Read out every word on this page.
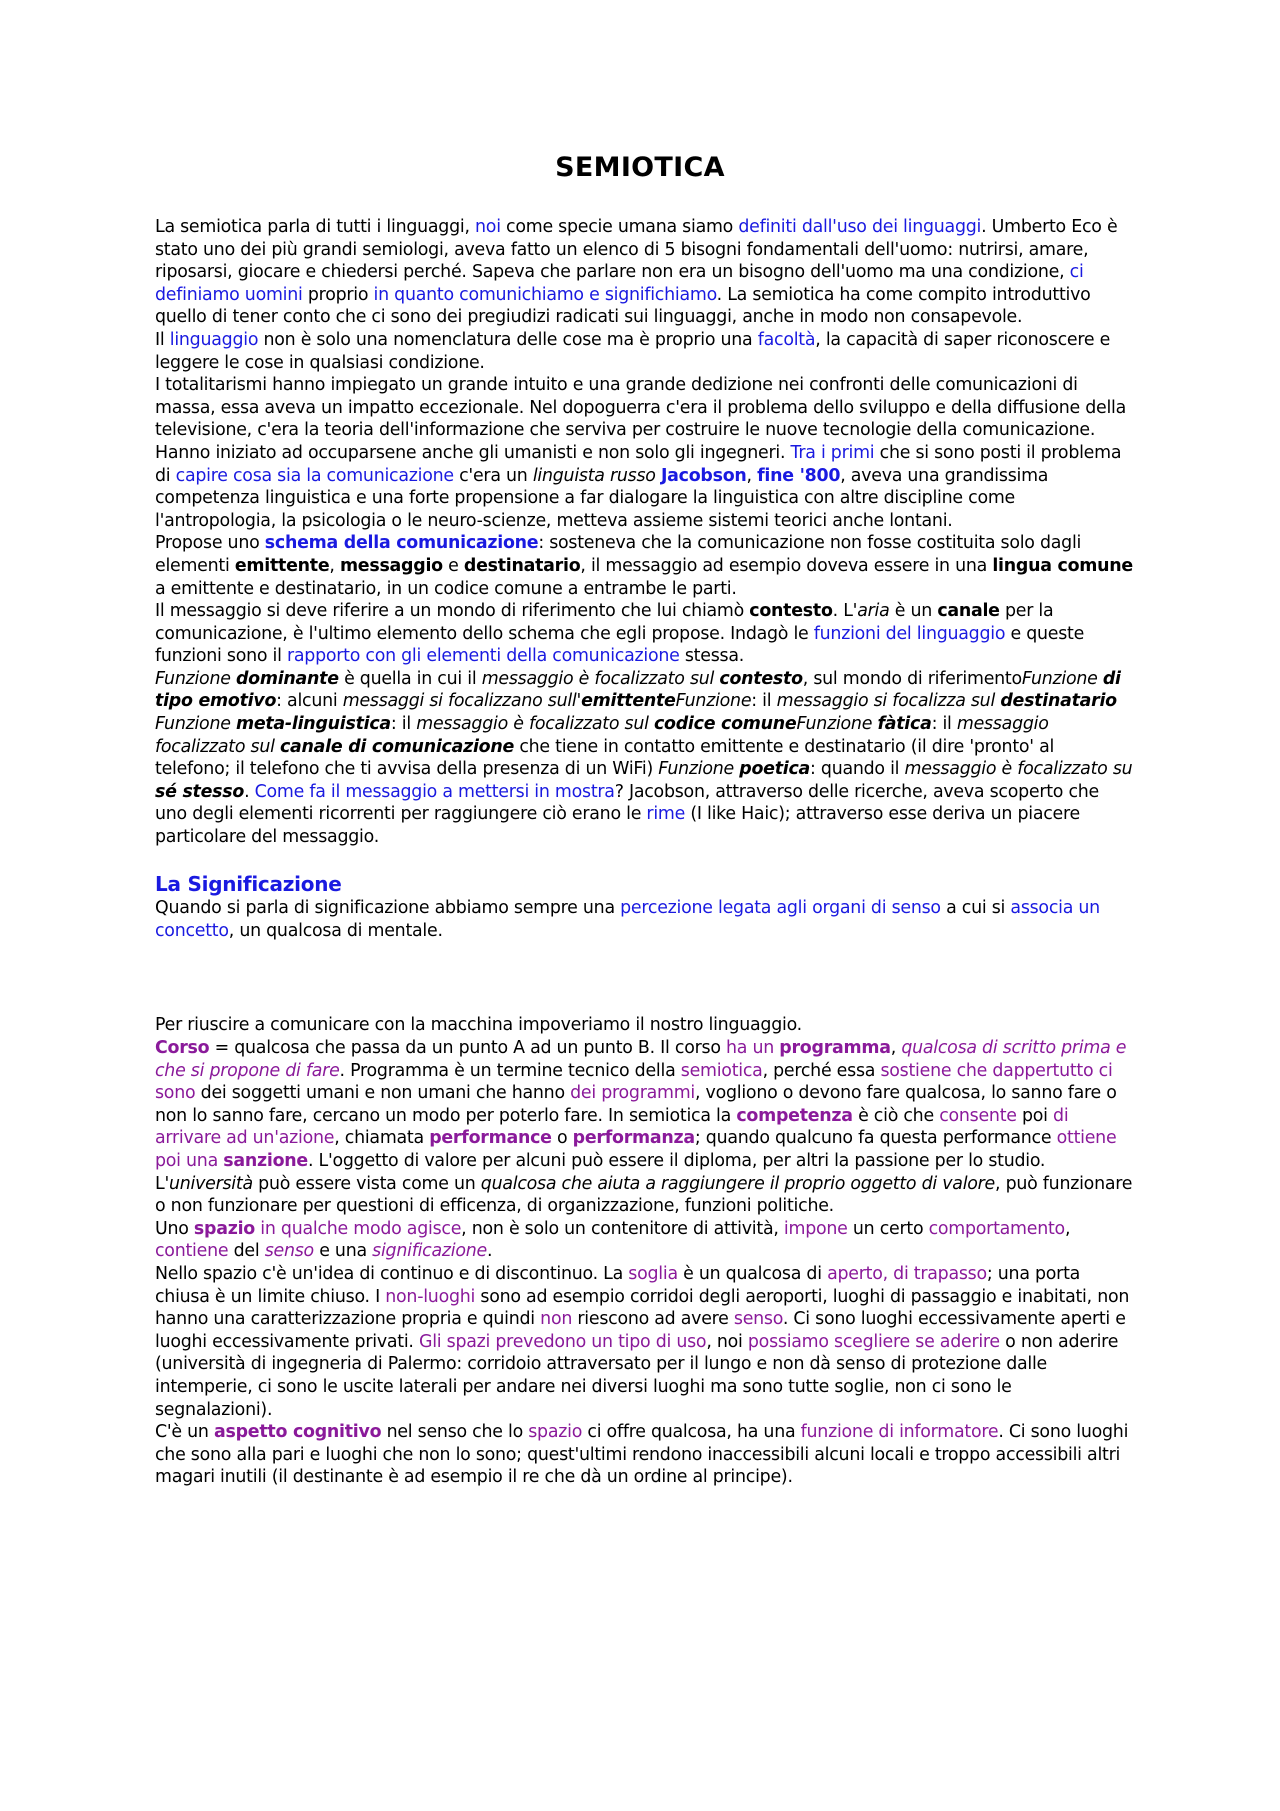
SEMIOTICA

La semiotica parla di tutti i linguaggi, noi come specie umana siamo definiti dall'uso dei linguaggi. Umberto Eco è stato uno dei più grandi semiologi, aveva fatto un elenco di 5 bisogni fondamentali dell'uomo: nutrirsi, amare, riposarsi, giocare e chiedersi perché. Sapeva che parlare non era un bisogno dell'uomo ma una condizione, ci definiamo uomini proprio in quanto comunichiamo e significhiamo. La semiotica ha come compito introduttivo quello di tener conto che ci sono dei pregiudizi radicati sui linguaggi, anche in modo non consapevole.

Il linguaggio non è solo una nomenclatura delle cose ma è proprio una facoltà, la capacità di saper riconoscere e leggere le cose in qualsiasi condizione.

I totalitarismi hanno impiegato un grande intuito e una grande dedizione nei confronti delle comunicazioni di massa, essa aveva un impatto eccezionale. Nel dopoguerra c'era il problema dello sviluppo e della diffusione della televisione, c'era la teoria dell'informazione che serviva per costruire le nuove tecnologie della comunicazione. Hanno iniziato ad occuparsene anche gli umanisti e non solo gli ingegneri. Tra i primi che si sono posti il problema di capire cosa sia la comunicazione c'era un linguista russo Jacobson, fine '800, aveva una grandissima competenza linguistica e una forte propensione a far dialogare la linguistica con altre discipline come l'antropologia, la psicologia o le neuro-scienze, metteva assieme sistemi teorici anche lontani.

Propose uno schema della comunicazione: sosteneva che la comunicazione non fosse costituita solo dagli elementi emittente, messaggio e destinatario, il messaggio ad esempio doveva essere in una lingua comune a emittente e destinatario, in un codice comune a entrambe le parti.

Il messaggio si deve riferire a un mondo di riferimento che lui chiamò contesto. L'aria è un canale per la comunicazione, è l'ultimo elemento dello schema che egli propose. Indagò le funzioni del linguaggio e queste funzioni sono il rapporto con gli elementi della comunicazione stessa.

Funzione dominante è quella in cui il messaggio è focalizzato sul contesto, sul mondo di riferimentoFunzione di tipo emotivo: alcuni messaggi si focalizzano sull'emittenteFunzione: il messaggio si focalizza sul destinatario Funzione meta-linguistica: il messaggio è focalizzato sul codice comuneFunzione fàtica: il messaggio focalizzato sul canale di comunicazione che tiene in contatto emittente e destinatario (il dire 'pronto' al telefono; il telefono che ti avvisa della presenza di un WiFi) Funzione poetica: quando il messaggio è focalizzato su sé stesso. Come fa il messaggio a mettersi in mostra? Jacobson, attraverso delle ricerche, aveva scoperto che uno degli elementi ricorrenti per raggiungere ciò erano le rime (I like Haic); attraverso esse deriva un piacere particolare del messaggio.

La Significazione

Quando si parla di significazione abbiamo sempre una percezione legata agli organi di senso a cui si associa un concetto, un qualcosa di mentale.

Per riuscire a comunicare con la macchina impoveriamo il nostro linguaggio.

Corso = qualcosa che passa da un punto A ad un punto B. Il corso ha un programma, qualcosa di scritto prima e che si propone di fare. Programma è un termine tecnico della semiotica, perché essa sostiene che dappertutto ci sono dei soggetti umani e non umani che hanno dei programmi, vogliono o devono fare qualcosa, lo sanno fare o non lo sanno fare, cercano un modo per poterlo fare. In semiotica la competenza è ciò che consente poi di arrivare ad un'azione, chiamata performance o performanza; quando qualcuno fa questa performance ottiene poi una sanzione. L'oggetto di valore per alcuni può essere il diploma, per altri la passione per lo studio.

L'università può essere vista come un qualcosa che aiuta a raggiungere il proprio oggetto di valore, può funzionare o non funzionare per questioni di efficenza, di organizzazione, funzioni politiche.

Uno spazio in qualche modo agisce, non è solo un contenitore di attività, impone un certo comportamento, contiene del senso e una significazione.

Nello spazio c'è un'idea di continuo e di discontinuo. La soglia è un qualcosa di aperto, di trapasso; una porta chiusa è un limite chiuso. I non-luoghi sono ad esempio corridoi degli aeroporti, luoghi di passaggio e inabitati, non hanno una caratterizzazione propria e quindi non riescono ad avere senso. Ci sono luoghi eccessivamente aperti e luoghi eccessivamente privati. Gli spazi prevedono un tipo di uso, noi possiamo scegliere se aderire o non aderire (università di ingegneria di Palermo: corridoio attraversato per il lungo e non dà senso di protezione dalle intemperie, ci sono le uscite laterali per andare nei diversi luoghi ma sono tutte soglie, non ci sono le segnalazioni).

C'è un aspetto cognitivo nel senso che lo spazio ci offre qualcosa, ha una funzione di informatore. Ci sono luoghi che sono alla pari e luoghi che non lo sono; quest'ultimi rendono inaccessibili alcuni locali e troppo accessibili altri magari inutili (il destinante è ad esempio il re che dà un ordine al principe).
